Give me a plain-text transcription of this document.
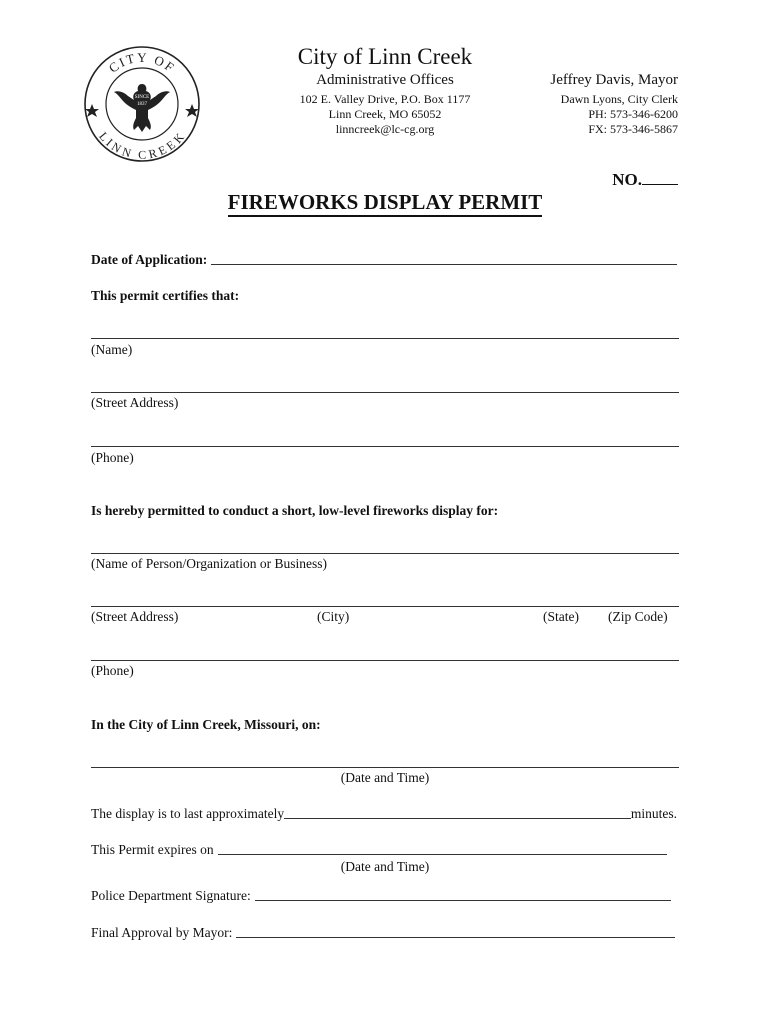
CITY OF
LINN CREEK
SINCE
1837
City of Linn Creek
Administrative Offices
102 E. Valley Drive, P.O. Box 1177
Linn Creek, MO 65052
linncreek@lc-cg.org
Jeffrey Davis, Mayor
Dawn Lyons, City Clerk
PH: 573-346-6200
FX: 573-346-5867
NO.
FIREWORKS DISPLAY PERMIT
Date of Application:
This permit certifies that:
(Name)
(Street Address)
(Phone)
Is hereby permitted to conduct a short, low-level fireworks display for:
(Name of Person/Organization or Business)
(Street Address)	(City)	(State) (Zip Code)
(Phone)
In the City of Linn Creek, Missouri, on:
(Date and Time)
The display is to last approximately	minutes.
This Permit expires on
(Date and Time)
Police Department Signature:
Final Approval by Mayor:
